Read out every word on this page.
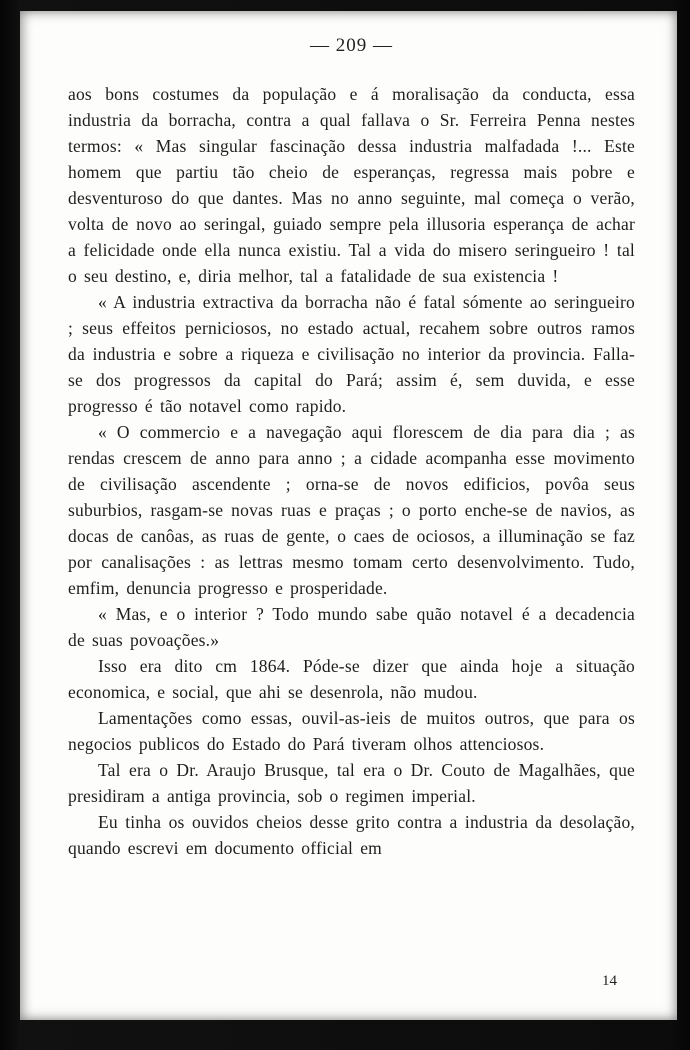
— 209 —

aos bons costumes da população e á moralisação da conducta, essa industria da borracha, contra a qual fallava o Sr. Ferreira Penna nestes termos: « Mas singular fascinação dessa industria malfadada !... Este homem que partiu tão cheio de esperanças, regressa mais pobre e desventuroso do que dantes. Mas no anno seguinte, mal começa o verão, volta de novo ao seringal, guiado sempre pela illusoria esperança de achar a felicidade onde ella nunca existiu. Tal a vida do misero seringueiro ! tal o seu destino, e, diria melhor, tal a fatalidade de sua existencia !

« A industria extractiva da borracha não é fatal sómente ao seringueiro ; seus effeitos perniciosos, no estado actual, recahem sobre outros ramos da industria e sobre a riqueza e civilisação no interior da provincia. Falla-se dos progressos da capital do Pará; assim é, sem duvida, e esse progresso é tão notavel como rapido.

« O commercio e a navegação aqui florescem de dia para dia ; as rendas crescem de anno para anno ; a cidade acompanha esse movimento de civilisação ascendente ; orna-se de novos edificios, povôa seus suburbios, rasgam-se novas ruas e praças ; o porto enche-se de navios, as docas de canôas, as ruas de gente, o caes de ociosos, a illuminação se faz por canalisações : as lettras mesmo tomam certo desenvolvimento. Tudo, emfim, denuncia progresso e prosperidade.

« Mas, e o interior ? Todo mundo sabe quão notavel é a decadencia de suas povoações.»

Isso era dito cm 1864. Póde-se dizer que ainda hoje a situação economica, e social, que ahi se desenrola, não mudou.

Lamentações como essas, ouvil-as-ieis de muitos outros, que para os negocios publicos do Estado do Pará tiveram olhos attenciosos.

Tal era o Dr. Araujo Brusque, tal era o Dr. Couto de Magalhães, que presidiram a antiga provincia, sob o regimen imperial.

Eu tinha os ouvidos cheios desse grito contra a industria da desolação, quando escrevi em documento official em

14
